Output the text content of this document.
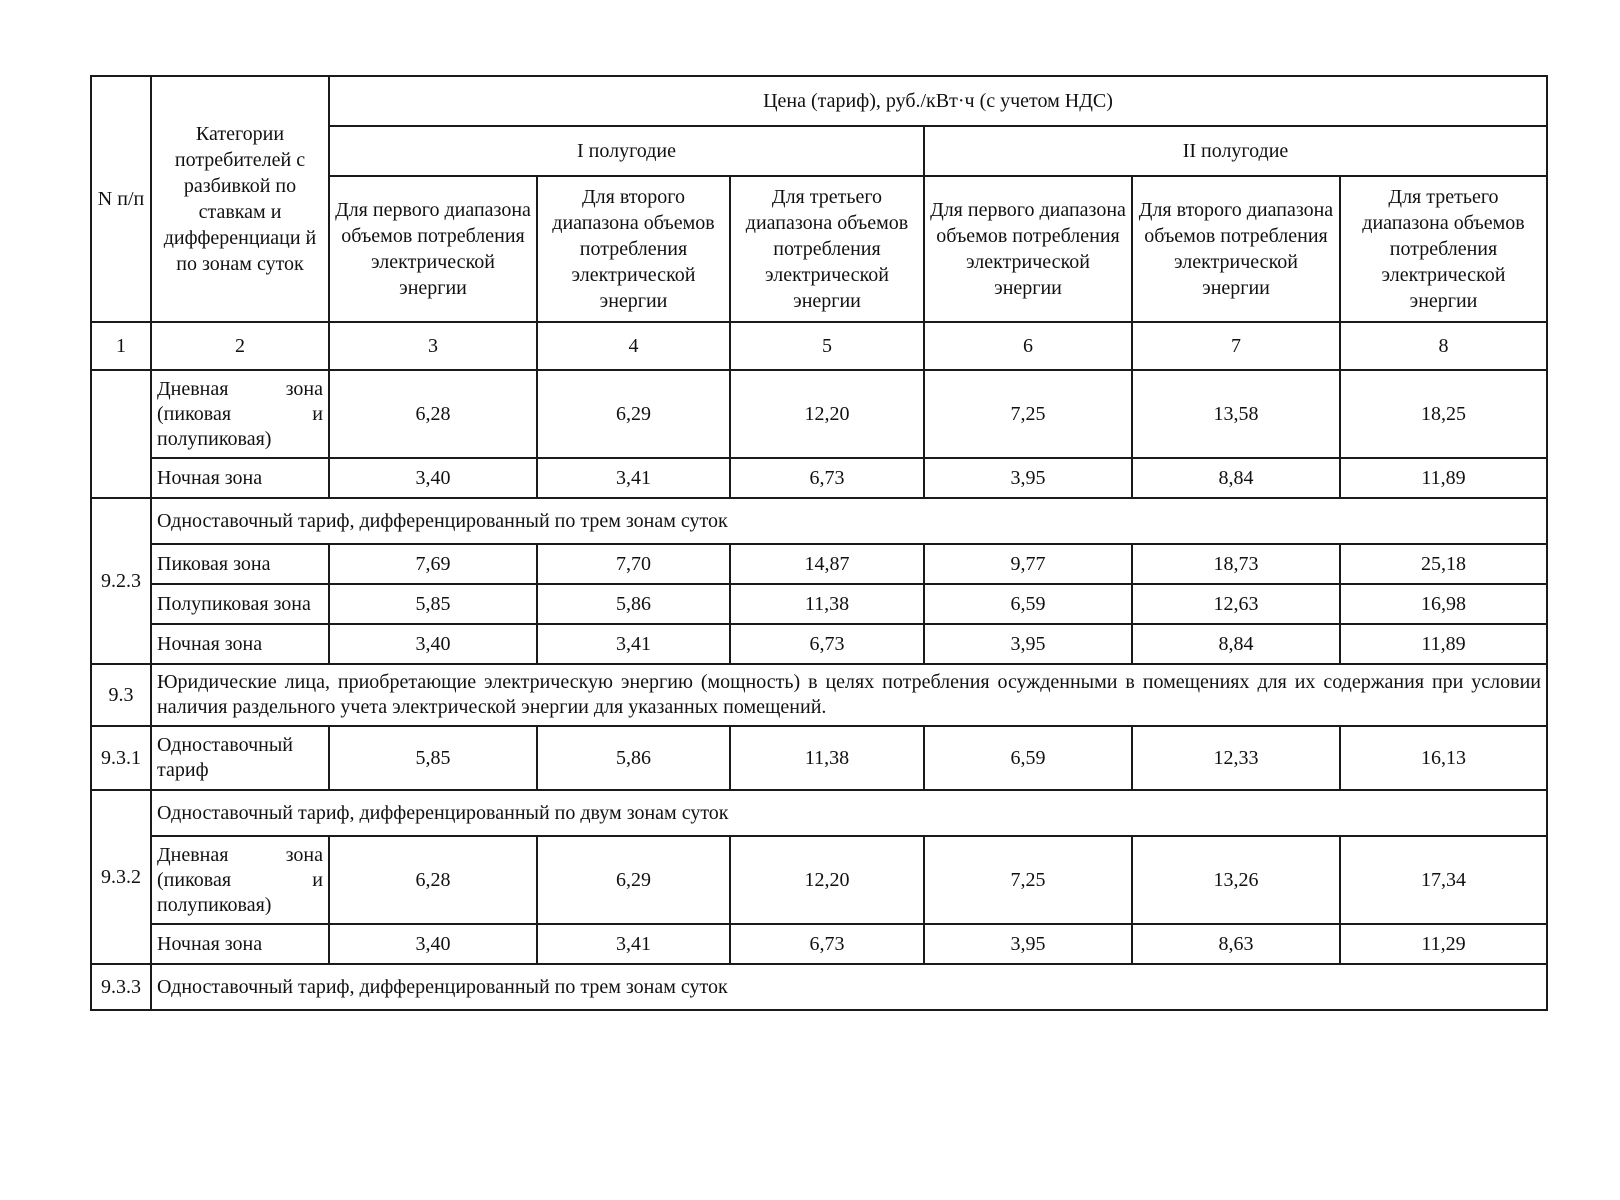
N п/п	Категории потребителей с разбивкой по ставкам и дифференциаци й по зонам суток	Цена (тариф), руб./кВт·ч (с учетом НДС)					
		I полугодие			II полугодие		
		Для первого диапазона объемов потребления электрической энергии	Для второго диапазона объемов потребления электрической энергии	Для третьего диапазона объемов потребления электрической энергии	Для первого диапазона объемов потребления электрической энергии	Для второго диапазона объемов потребления электрической энергии	Для третьего диапазона объемов потребления электрической энергии
1	2	3	4	5	6	7	8
	Дневная зона (пиковая и полупиковая)	6,28	6,29	12,20	7,25	13,58	18,25
	Ночная зона	3,40	3,41	6,73	3,95	8,84	11,89
9.2.3	Одноставочный тариф, дифференцированный по трем зонам суток						
	Пиковая зона	7,69	7,70	14,87	9,77	18,73	25,18
	Полупиковая зона	5,85	5,86	11,38	6,59	12,63	16,98
	Ночная зона	3,40	3,41	6,73	3,95	8,84	11,89
9.3	Юридические лица, приобретающие электрическую энергию (мощность) в целях потребления осужденными в помещениях для их содержания при условии наличия раздельного учета электрической энергии для указанных помещений.						
9.3.1	Одноставочный тариф	5,85	5,86	11,38	6,59	12,33	16,13
9.3.2	Одноставочный тариф, дифференцированный по двум зонам суток						
	Дневная зона (пиковая и полупиковая)	6,28	6,29	12,20	7,25	13,26	17,34
	Ночная зона	3,40	3,41	6,73	3,95	8,63	11,29
9.3.3	Одноставочный тариф, дифференцированный по трем зонам суток						
